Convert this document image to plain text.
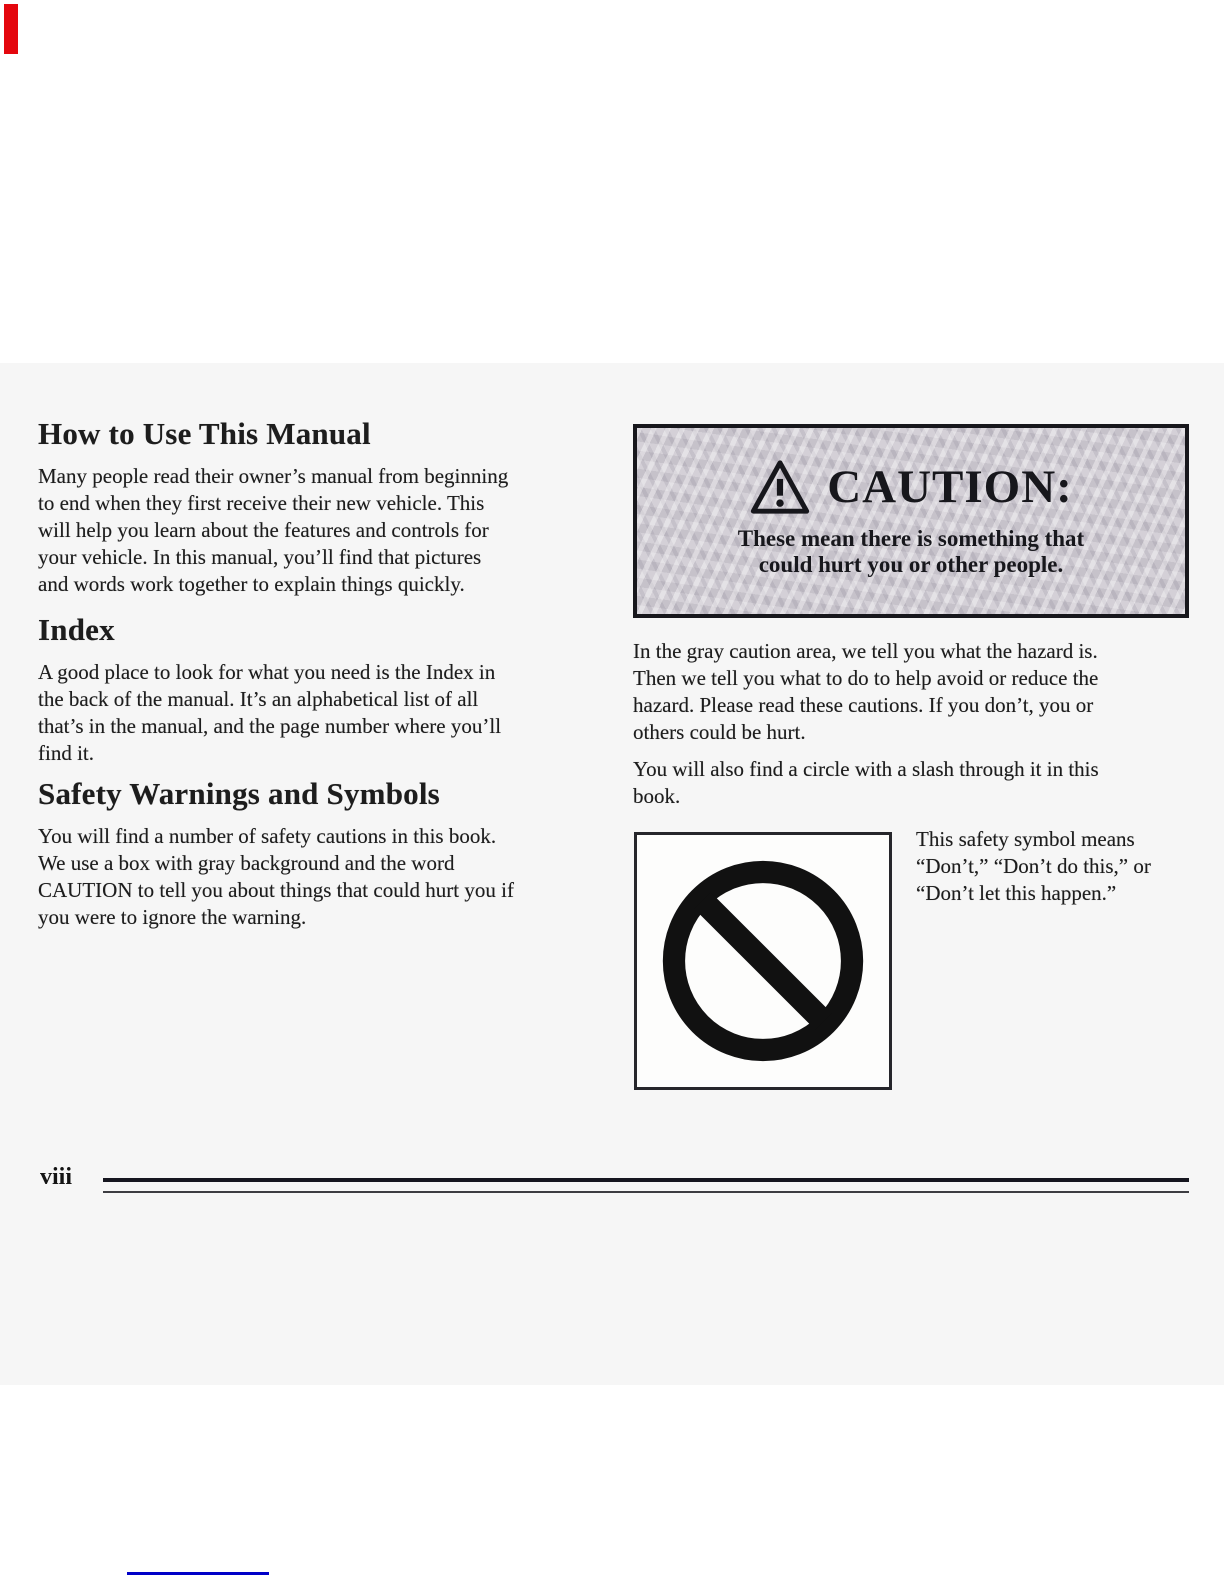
How to Use This Manual

Many people read their owner’s manual from beginning
to end when they first receive their new vehicle. This
will help you learn about the features and controls for
your vehicle. In this manual, you’ll find that pictures
and words work together to explain things quickly.

Index

A good place to look for what you need is the Index in
the back of the manual. It’s an alphabetical list of all
that’s in the manual, and the page number where you’ll
find it.

Safety Warnings and Symbols

You will find a number of safety cautions in this book.
We use a box with gray background and the word
CAUTION to tell you about things that could hurt you if
you were to ignore the warning.

CAUTION:
These mean there is something that
could hurt you or other people.

In the gray caution area, we tell you what the hazard is.
Then we tell you what to do to help avoid or reduce the
hazard. Please read these cautions. If you don’t, you or
others could be hurt.

You will also find a circle with a slash through it in this
book.

This safety symbol means
“Don’t,” “Don’t do this,” or
“Don’t let this happen.”

viii
